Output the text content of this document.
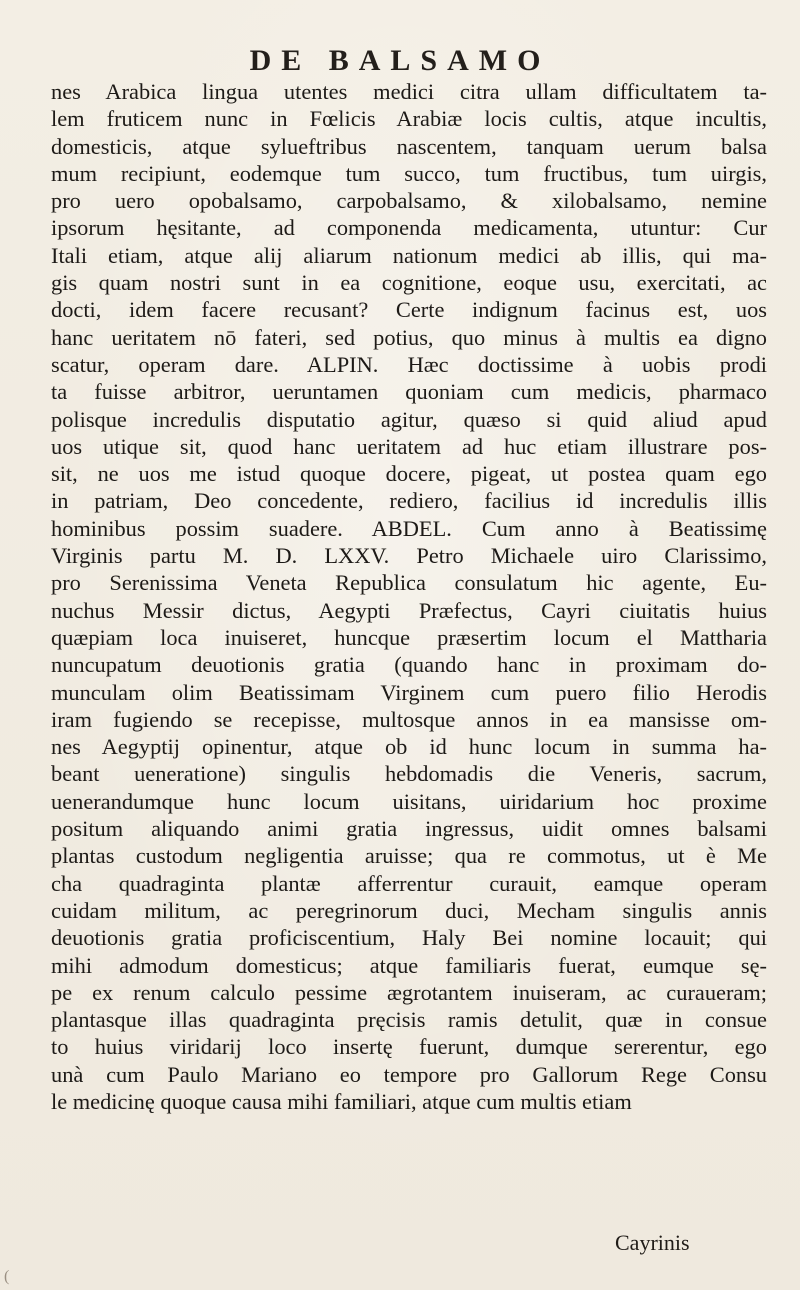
DE BALSAMO
nes Arabica lingua utentes medici citra ullam difficultatem ta-
lem fruticem nunc in Fœlicis Arabiæ locis cultis, atque incultis,
domesticis, atque sylueftribus nascentem, tanquam uerum balsa
mum recipiunt, eodemque tum succo, tum fructibus, tum uirgis,
pro uero opobalsamo, carpobalsamo, & xilobalsamo, nemine
ipsorum hęsitante, ad componenda medicamenta, utuntur: Cur
Itali etiam, atque alij aliarum nationum medici ab illis, qui ma-
gis quam nostri sunt in ea cognitione, eoque usu, exercitati, ac
docti, idem facere recusant? Certe indignum facinus est, uos
hanc ueritatem nō fateri, sed potius, quo minus à multis ea digno
scatur, operam dare. ALPIN. Hæc doctissime à uobis prodi
ta fuisse arbitror, ueruntamen quoniam cum medicis, pharmaco
polisque incredulis disputatio agitur, quæso si quid aliud apud
uos utique sit, quod hanc ueritatem ad huc etiam illustrare pos-
sit, ne uos me istud quoque docere, pigeat, ut postea quam ego
in patriam, Deo concedente, rediero, facilius id incredulis illis
hominibus possim suadere. ABDEL. Cum anno à Beatissimę
Virginis partu M. D. LXXV. Petro Michaele uiro Clarissimo,
pro Serenissima Veneta Republica consulatum hic agente, Eu-
nuchus Messir dictus, Aegypti Præfectus, Cayri ciuitatis huius
quæpiam loca inuiseret, huncque præsertim locum el Mattharia
nuncupatum deuotionis gratia (quando hanc in proximam do-
munculam olim Beatissimam Virginem cum puero filio Herodis
iram fugiendo se recepisse, multosque annos in ea mansisse om-
nes Aegyptij opinentur, atque ob id hunc locum in summa ha-
beant ueneratione) singulis hebdomadis die Veneris, sacrum,
uenerandumque hunc locum uisitans, uiridarium hoc proxime
positum aliquando animi gratia ingressus, uidit omnes balsami
plantas custodum negligentia aruisse; qua re commotus, ut è Me
cha quadraginta plantæ afferrentur curauit, eamque operam
cuidam militum, ac peregrinorum duci, Mecham singulis annis
deuotionis gratia proficiscentium, Haly Bei nomine locauit; qui
mihi admodum domesticus; atque familiaris fuerat, eumque sę-
pe ex renum calculo pessime ægrotantem inuiseram, ac curaueram;
plantasque illas quadraginta pręcisis ramis detulit, quæ in consue
to huius viridarij loco insertę fuerunt, dumque sererentur, ego
unà cum Paulo Mariano eo tempore pro Gallorum Rege Consu
le medicinę quoque causa mihi familiari, atque cum multis etiam
Cayrinis
(
